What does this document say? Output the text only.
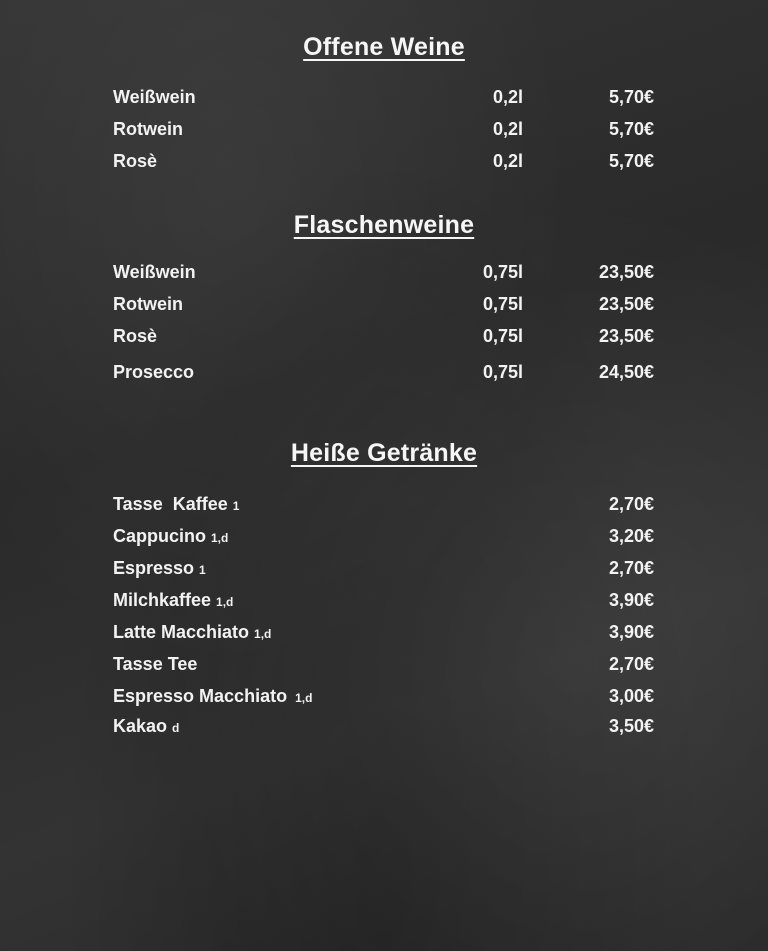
Offene Weine
Weißwein	0,2l	5,70€
Rotwein	0,2l	5,70€
Rosè	0,2l	5,70€
Flaschenweine
Weißwein	0,75l	23,50€
Rotwein	0,75l	23,50€
Rosè	0,75l	23,50€
Prosecco	0,75l	24,50€
Heiße Getränke
Tasse  Kaffee 1	2,70€
Cappucino 1,d	3,20€
Espresso 1	2,70€
Milchkaffee 1,d	3,90€
Latte Macchiato 1,d	3,90€
Tasse Tee	2,70€
Espresso Macchiato 1,d	3,00€
Kakao d	3,50€
